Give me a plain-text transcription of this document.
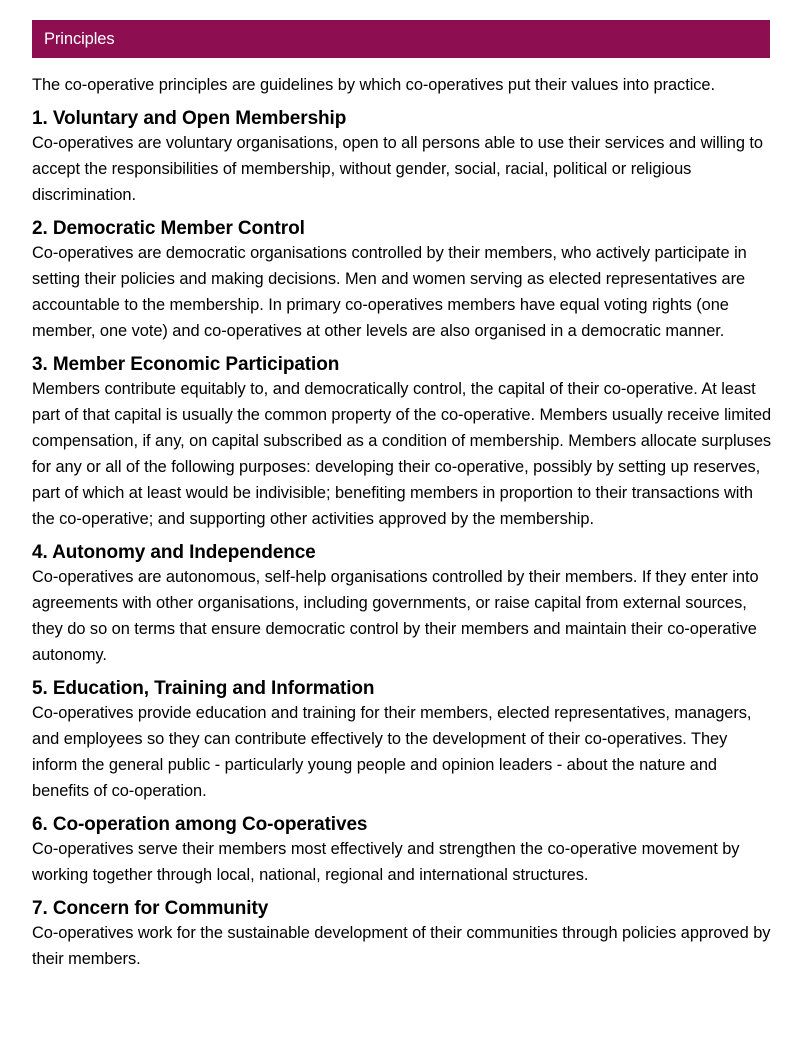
Principles

The co-operative principles are guidelines by which co-operatives put their values into practice.

1. Voluntary and Open Membership

Co-operatives are voluntary organisations, open to all persons able to use their services and willing to accept the responsibilities of membership, without gender, social, racial, political or religious discrimination.

2. Democratic Member Control

Co-operatives are democratic organisations controlled by their members, who actively participate in setting their policies and making decisions. Men and women serving as elected representatives are accountable to the membership. In primary co-operatives members have equal voting rights (one member, one vote) and co-operatives at other levels are also organised in a democratic manner.

3. Member Economic Participation

Members contribute equitably to, and democratically control, the capital of their co-operative. At least part of that capital is usually the common property of the co-operative. Members usually receive limited compensation, if any, on capital subscribed as a condition of membership. Members allocate surpluses for any or all of the following purposes: developing their co-operative, possibly by setting up reserves, part of which at least would be indivisible; benefiting members in proportion to their transactions with the co-operative; and supporting other activities approved by the membership.

4. Autonomy and Independence

Co-operatives are autonomous, self-help organisations controlled by their members. If they enter into agreements with other organisations, including governments, or raise capital from external sources, they do so on terms that ensure democratic control by their members and maintain their co-operative autonomy.

5. Education, Training and Information

Co-operatives provide education and training for their members, elected representatives, managers, and employees so they can contribute effectively to the development of their co-operatives. They inform the general public - particularly young people and opinion leaders - about the nature and benefits of co-operation.

6. Co-operation among Co-operatives

Co-operatives serve their members most effectively and strengthen the co-operative movement by working together through local, national, regional and international structures.

7. Concern for Community

Co-operatives work for the sustainable development of their communities through policies approved by their members.
